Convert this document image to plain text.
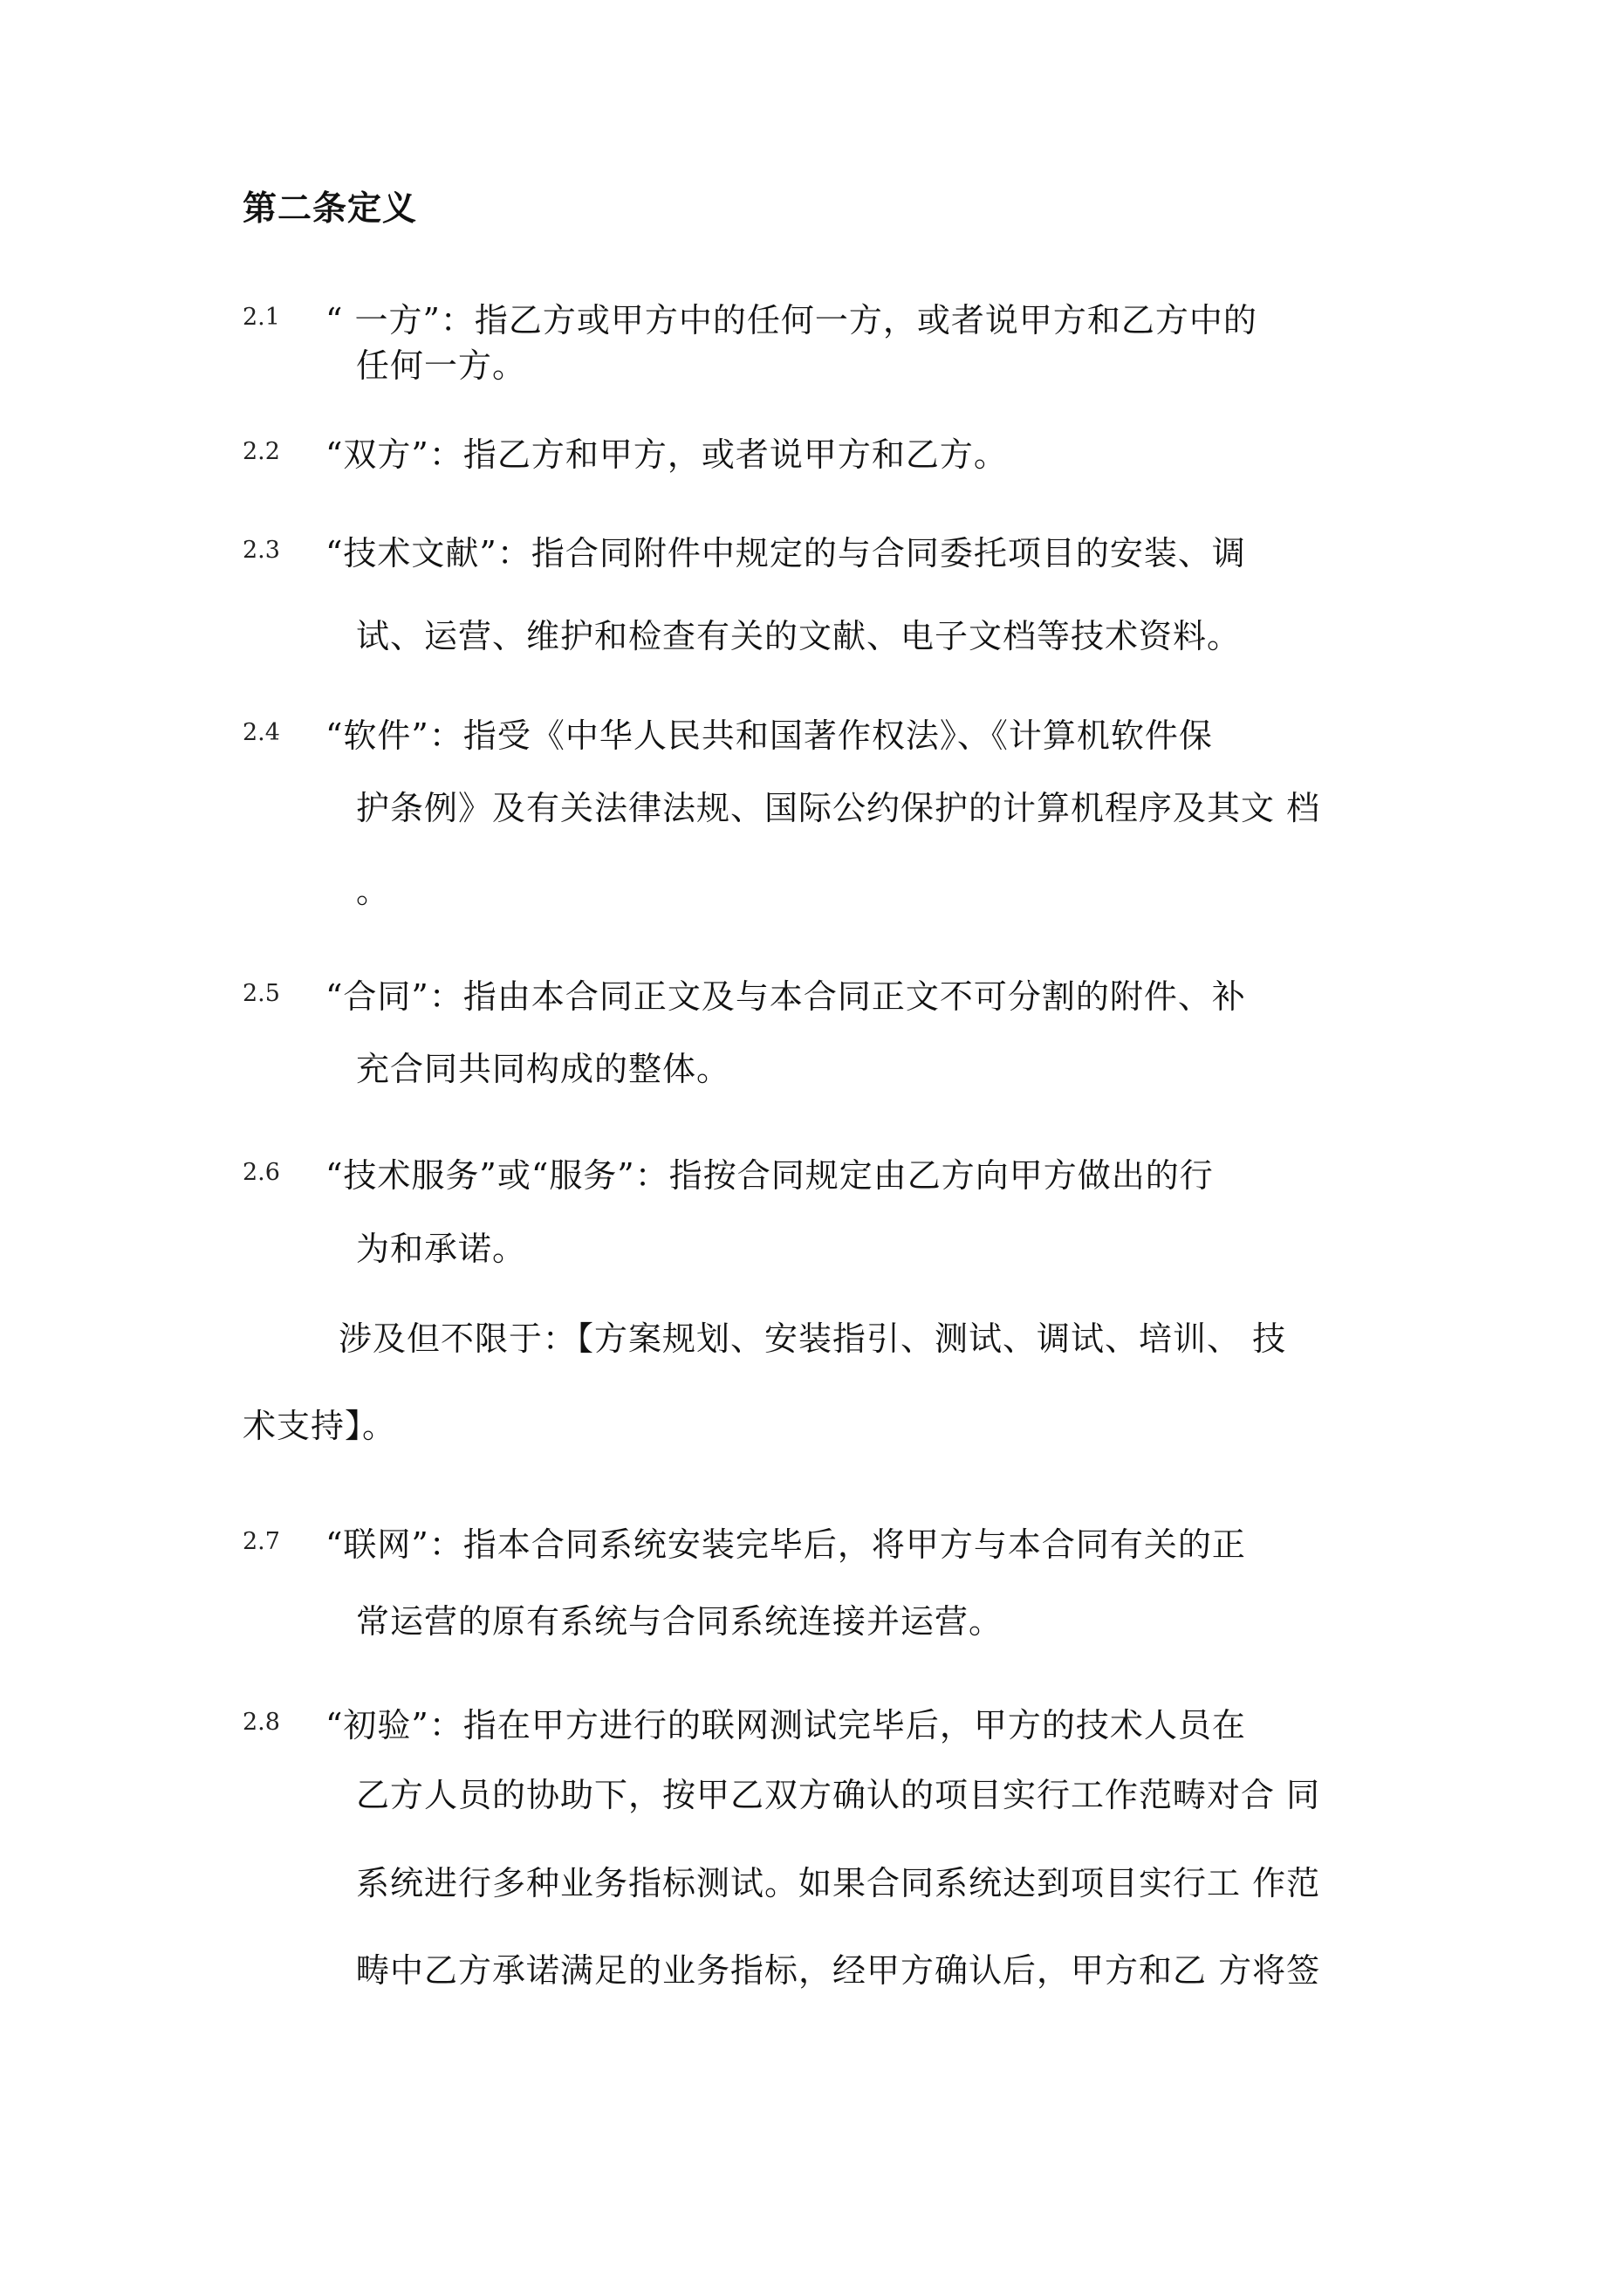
第二条定义
2.1 “ 一方”：指乙方或甲方中的任何一方，或者说甲方和乙方中的
任何一方。
2.2 “双方”：指乙方和甲方，或者说甲方和乙方。
2.3 “技术文献”：指合同附件中规定的与合同委托项目的安装、调
试、运营、维护和检查有关的文献、电子文档等技术资料。
2.4 “软件”：指受《中华人民共和国著作权法》、《计算机软件保
护条例》及有关法律法规、国际公约保护的计算机程序及其文 档
。
2.5 “合同”：指由本合同正文及与本合同正文不可分割的附件、补
充合同共同构成的整体。
2.6 “技术服务”或“服务”：指按合同规定由乙方向甲方做出的行
为和承诺。
涉及但不限于：【方案规划、安装指引、测试、调试、培训、 技
术支持】。
2.7 “联网”：指本合同系统安装完毕后，将甲方与本合同有关的正
常运营的原有系统与合同系统连接并运营。
2.8 “初验”：指在甲方进行的联网测试完毕后，甲方的技术人员在
乙方人员的协助下，按甲乙双方确认的项目实行工作范畴对合 同
系统进行多种业务指标测试。如果合同系统达到项目实行工 作范
畴中乙方承诺满足的业务指标，经甲方确认后，甲方和乙 方将签
